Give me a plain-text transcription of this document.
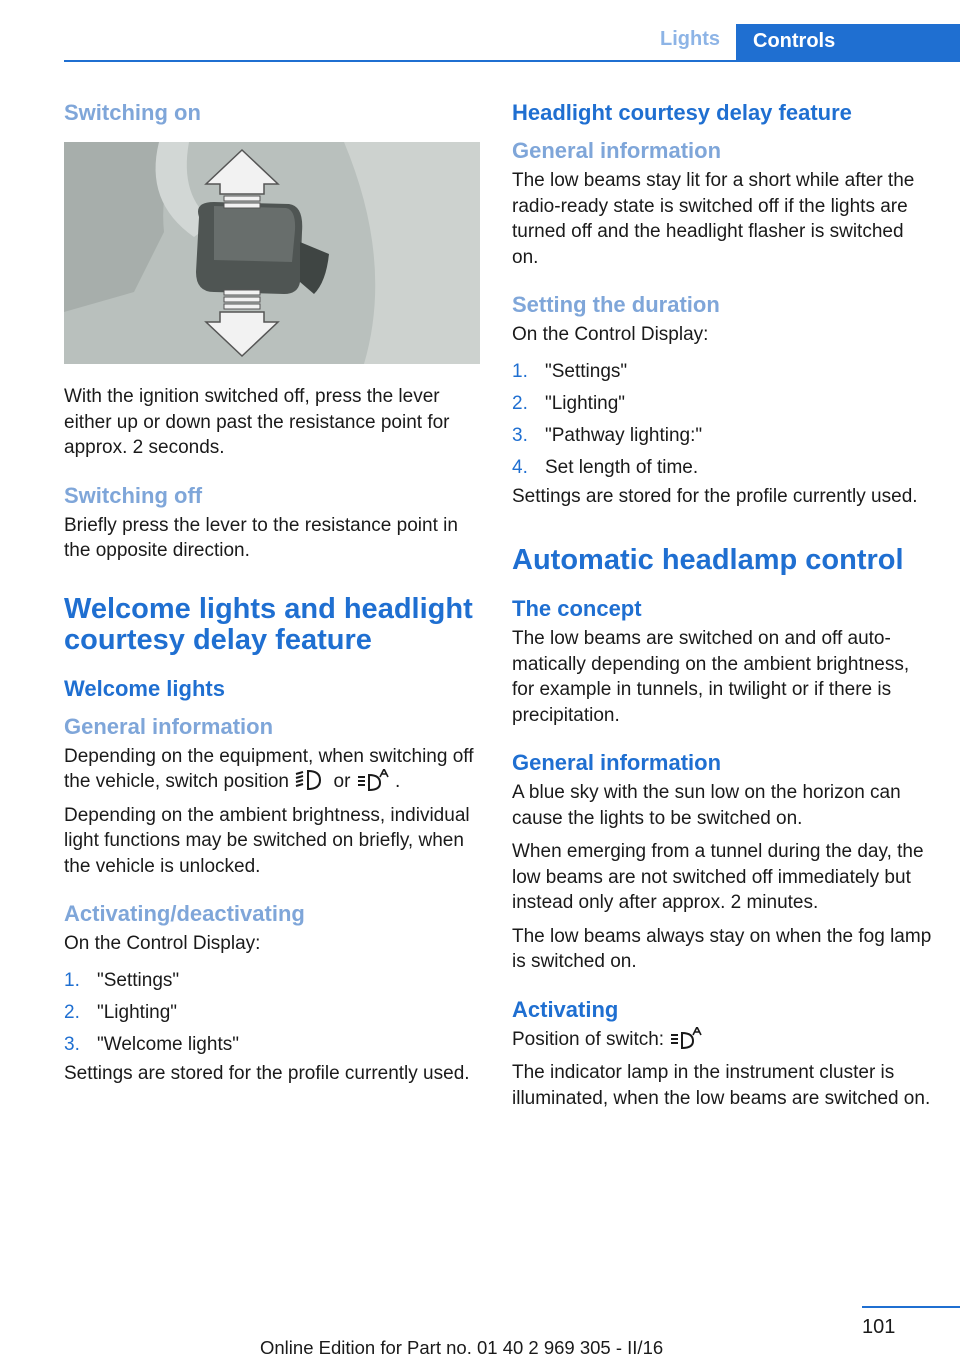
Lights	Controls
Switching on

With the ignition switched off, press the lever either up or down past the resistance point for approx. 2 seconds.

Switching off

Briefly press the lever to the resistance point in the opposite direction.

Welcome lights and headlight courtesy delay feature
Welcome lights
General information

Depending on the equipment, when switching off the vehicle, switch position or .

Depending on the ambient brightness, individual light functions may be switched on briefly, when the vehicle is unlocked.

Activating/deactivating

On the Control Display:

1. "Settings"
2. "Lighting"
3. "Welcome lights"

Settings are stored for the profile currently used.

Headlight courtesy delay feature
General information

The low beams stay lit for a short while after the radio-ready state is switched off if the lights are turned off and the headlight flasher is switched on.

Setting the duration

On the Control Display:

1. "Settings"
2. "Lighting"
3. "Pathway lighting:"
4. Set length of time.

Settings are stored for the profile currently used.

Automatic headlamp control
The concept

The low beams are switched on and off automatically depending on the ambient brightness, for example in tunnels, in twilight or if there is precipitation.

General information

A blue sky with the sun low on the horizon can cause the lights to be switched on.

When emerging from a tunnel during the day, the low beams are not switched off immediately but instead only after approx. 2 minutes.

The low beams always stay on when the fog lamp is switched on.

Activating

Position of switch:

The indicator lamp in the instrument cluster is illuminated, when the low beams are switched on.

101
Online Edition for Part no. 01 40 2 969 305 - II/16
